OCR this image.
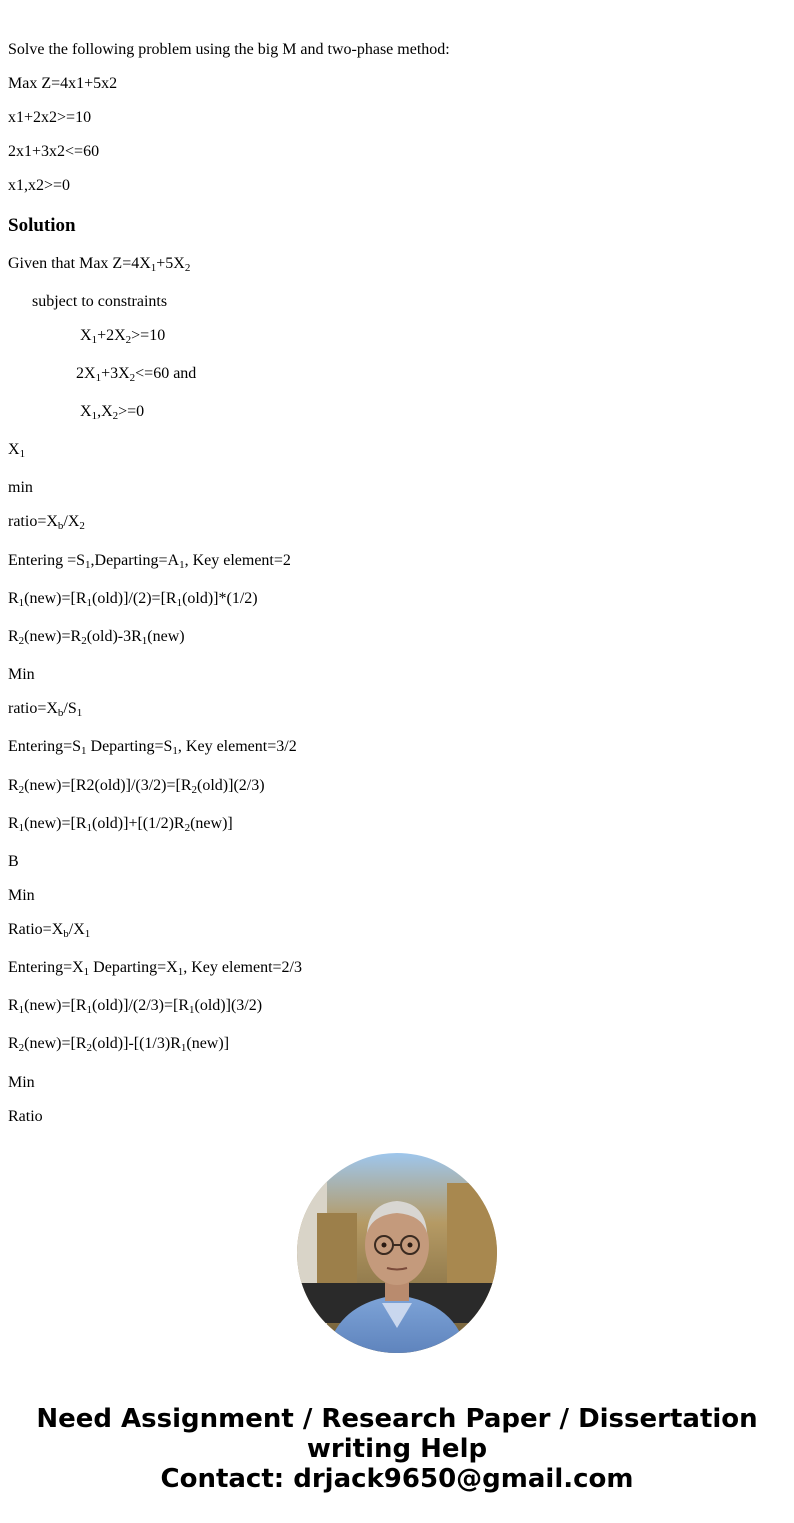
Solve the following problem using the big M and two-phase method:

Max Z=4x1+5x2

x1+2x2>=10

2x1+3x2<=60

x1,x2>=0

Solution

Given that Max $Z=4X_1+5X_2$

subject to constraints

$X_1+2X_2>=10$

$2X_1+3X_2<=60$ and

$X_1,X_2>=0$

$X_1$

min

$ratio=X_b/X_2$

Entering $=S_1,Departing=A_1$, Key element=2

$R_1(new)=[R_1(old)]/(2)=[R_1(old)]*(1/2)$

$R_2(new)=R_2(old)-3R_1(new)$

Min

$ratio=X_b/S_1$

$Entering=S_1$ $Departing=S_1$, Key element=3/2

$R_2(new)=[R2(old)]/(3/2)=[R_2(old)](2/3)$

$R_1(new)=[R_1(old)]+[(1/2)R_2(new)]$

B

Min

$Ratio=X_b/X_1$

$Entering=X_1$ $Departing=X_1$, Key element=2/3

$R_1(new)=[R_1(old)]/(2/3)=[R_1(old)](3/2)$

$R_2(new)=[R_2(old)]-[(1/3)R_1(new)]$

Min

Ratio

Need Assignment / Research Paper / Dissertation
writing Help
Contact: drjack9650@gmail.com
